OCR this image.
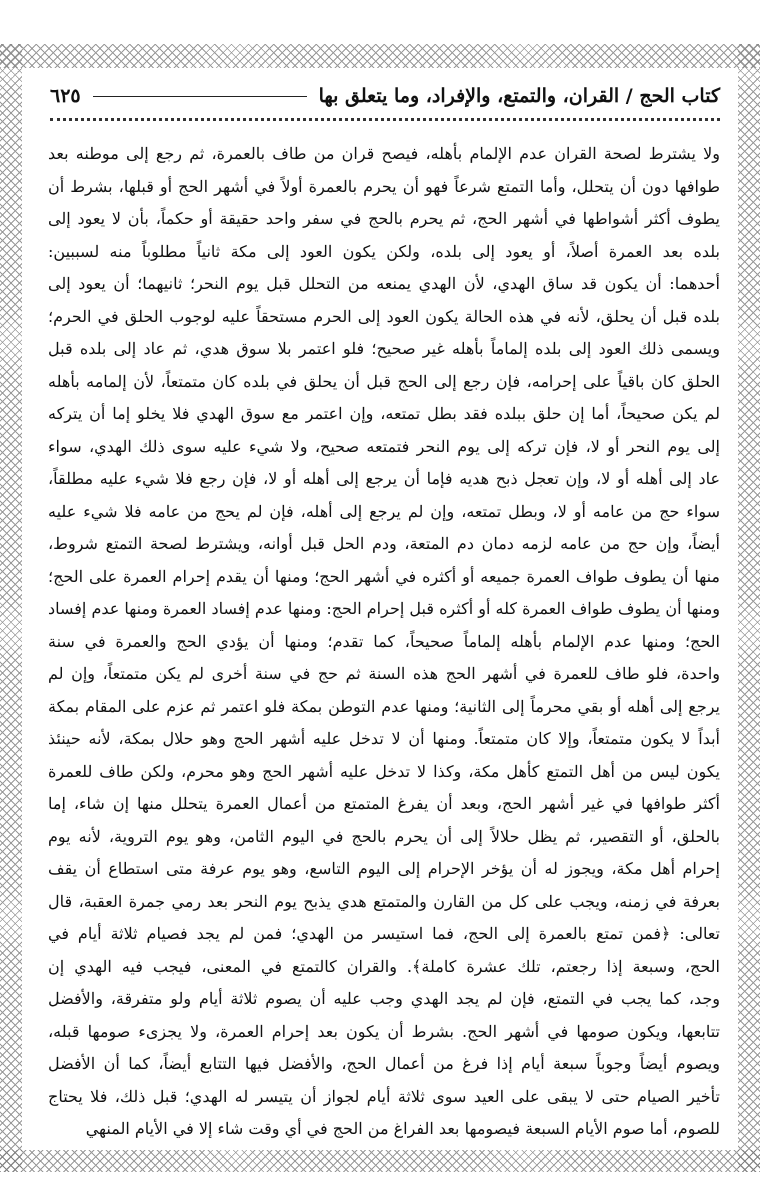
كتاب الحج / القران، والتمتع، والإفراد، وما يتعلق بها
٦٢٥
ولا يشترط لصحة القران عدم الإلمام بأهله، فيصح قران من طاف بالعمرة، ثم رجع إلى موطنه بعد
طوافها دون أن يتحلل، وأما التمتع شرعاً فهو أن يحرم بالعمرة أولاً في أشهر الحج أو قبلها، بشرط أن
يطوف أكثر أشواطها في أشهر الحج، ثم يحرم بالحج في سفر واحد حقيقة أو حكماً، بأن لا يعود إلى
بلده بعد العمرة أصلاً، أو يعود إلى بلده، ولكن يكون العود إلى مكة ثانياً مطلوباً منه لسببين:
أحدهما: أن يكون قد ساق الهدي، لأن الهدي يمنعه من التحلل قبل يوم النحر؛ ثانيهما؛ أن يعود إلى
بلده قبل أن يحلق، لأنه في هذه الحالة يكون العود إلى الحرم مستحقاً عليه لوجوب الحلق في الحرم؛
ويسمى ذلك العود إلى بلده إلماماً بأهله غير صحيح؛ فلو اعتمر بلا سوق هدي، ثم عاد إلى بلده قبل
الحلق كان باقياً على إحرامه، فإن رجع إلى الحج قبل أن يحلق في بلده كان متمتعاً، لأن إلمامه بأهله
لم يكن صحيحاً، أما إن حلق ببلده فقد بطل تمتعه، وإن اعتمر مع سوق الهدي فلا يخلو إما أن يتركه
إلى يوم النحر أو لا، فإن تركه إلى يوم النحر فتمتعه صحيح، ولا شيء عليه سوى ذلك الهدي، سواء
عاد إلى أهله أو لا، وإن تعجل ذبح هديه فإما أن يرجع إلى أهله أو لا، فإن رجع فلا شيء عليه مطلقاً،
سواء حج من عامه أو لا، وبطل تمتعه، وإن لم يرجع إلى أهله، فإن لم يحج من عامه فلا شيء عليه
أيضاً، وإن حج من عامه لزمه دمان دم المتعة، ودم الحل قبل أوانه، ويشترط لصحة التمتع شروط،
منها أن يطوف طواف العمرة جميعه أو أكثره في أشهر الحج؛ ومنها أن يقدم إحرام العمرة على الحج؛
ومنها أن يطوف طواف العمرة كله أو أكثره قبل إحرام الحج: ومنها عدم إفساد العمرة ومنها عدم إفساد
الحج؛ ومنها عدم الإلمام بأهله إلماماً صحيحاً، كما تقدم؛ ومنها أن يؤدي الحج والعمرة في سنة
واحدة، فلو طاف للعمرة في أشهر الحج هذه السنة ثم حج في سنة أخرى لم يكن متمتعاً، وإن لم
يرجع إلى أهله أو بقي محرماً إلى الثانية؛ ومنها عدم التوطن بمكة فلو اعتمر ثم عزم على المقام بمكة
أبداً لا يكون متمتعاً، وإلا كان متمتعاً. ومنها أن لا تدخل عليه أشهر الحج وهو حلال بمكة، لأنه حينئذ
يكون ليس من أهل التمتع كأهل مكة، وكذا لا تدخل عليه أشهر الحج وهو محرم، ولكن طاف للعمرة
أكثر طوافها في غير أشهر الحج، وبعد أن يفرغ المتمتع من أعمال العمرة يتحلل منها إن شاء، إما
بالحلق، أو التقصير، ثم يظل حلالاً إلى أن يحرم بالحج في اليوم الثامن، وهو يوم التروية، لأنه يوم
إحرام أهل مكة، ويجوز له أن يؤخر الإحرام إلى اليوم التاسع، وهو يوم عرفة متى استطاع أن يقف
بعرفة في زمنه، ويجب على كل من القارن والمتمتع هدي يذبح يوم النحر بعد رمي جمرة العقبة، قال
تعالى: ﴿فمن تمتع بالعمرة إلى الحج، فما استيسر من الهدي؛ فمن لم يجد فصيام ثلاثة أيام في
الحج، وسبعة إذا رجعتم، تلك عشرة كاملة﴾. والقران كالتمتع في المعنى، فيجب فيه الهدي إن
وجد، كما يجب في التمتع، فإن لم يجد الهدي وجب عليه أن يصوم ثلاثة أيام ولو متفرقة، والأفضل
تتابعها، ويكون صومها في أشهر الحج. بشرط أن يكون بعد إحرام العمرة، ولا يجزىء صومها قبله،
ويصوم أيضاً وجوباً سبعة أيام إذا فرغ من أعمال الحج، والأفضل فيها التتابع أيضاً، كما أن الأفضل
تأخير الصيام حتى لا يبقى على العيد سوى ثلاثة أيام لجواز أن يتيسر له الهدي؛ قبل ذلك، فلا يحتاج
للصوم، أما صوم الأيام السبعة فيصومها بعد الفراغ من الحج في أي وقت شاء إلا في الأيام المنهي
